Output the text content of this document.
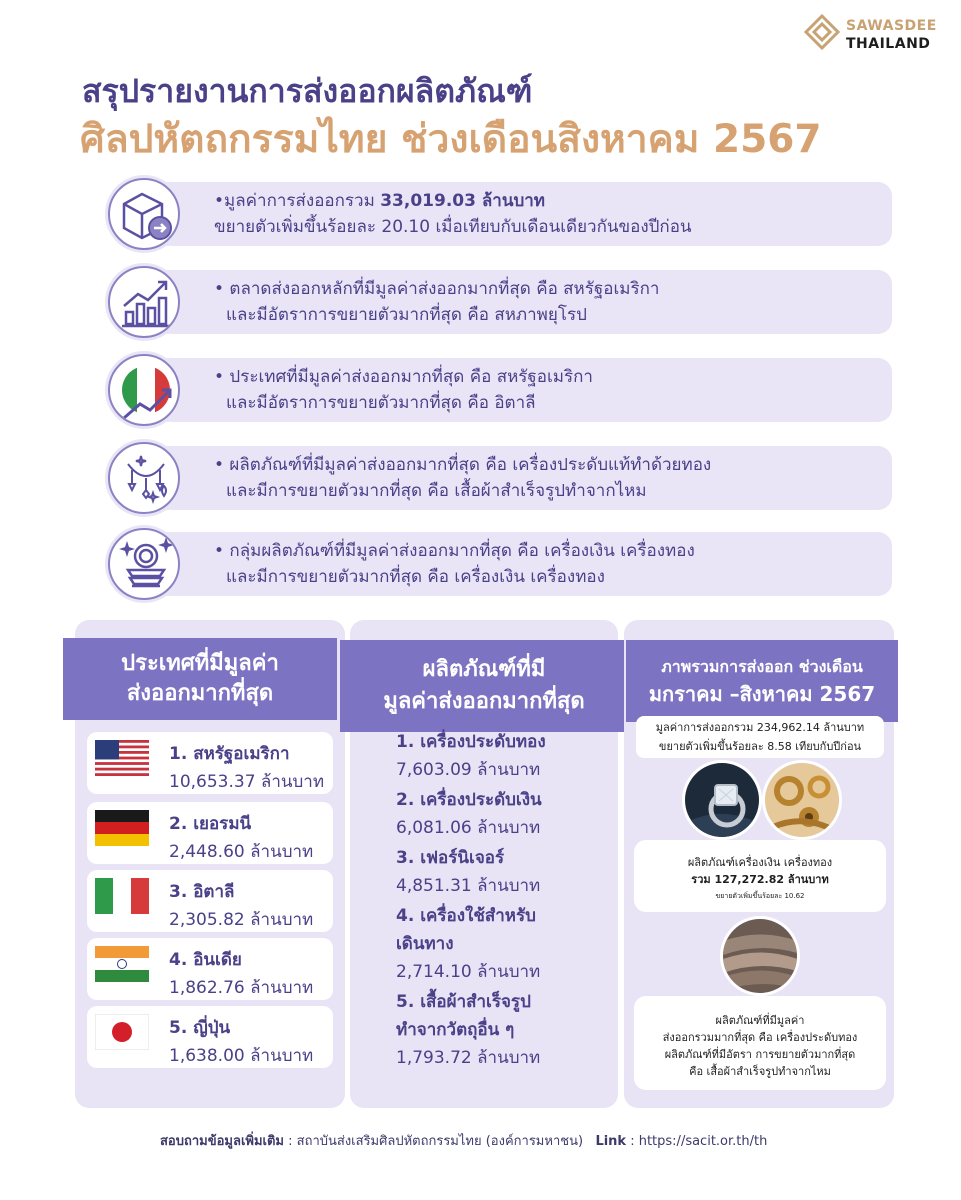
SAWASDEE
THAILAND
สรุปรายงานการส่งออกผลิตภัณฑ์
ศิลปหัตถกรรมไทย ช่วงเดือนสิงหาคม 2567
•มูลค่าการส่งออกรวม 33,019.03 ล้านบาท
ขยายตัวเพิ่มขึ้นร้อยละ 20.10 เมื่อเทียบกับเดือนเดียวกันของปีก่อน
• ตลาดส่งออกหลักที่มีมูลค่าส่งออกมากที่สุด คือ สหรัฐอเมริกา
และมีอัตราการขยายตัวมากที่สุด คือ สหภาพยุโรป
• ประเทศที่มีมูลค่าส่งออกมากที่สุด คือ สหรัฐอเมริกา
และมีอัตราการขยายตัวมากที่สุด คือ อิตาลี
• ผลิตภัณฑ์ที่มีมูลค่าส่งออกมากที่สุด คือ เครื่องประดับแท้ทำด้วยทอง
และมีการขยายตัวมากที่สุด คือ เสื้อผ้าสำเร็จรูปทำจากไหม
• กลุ่มผลิตภัณฑ์ที่มีมูลค่าส่งออกมากที่สุด คือ เครื่องเงิน เครื่องทอง
และมีการขยายตัวมากที่สุด คือ เครื่องเงิน เครื่องทอง
ประเทศที่มีมูลค่า
ส่งออกมากที่สุด
1. สหรัฐอเมริกา
10,653.37 ล้านบาท
2. เยอรมนี
2,448.60 ล้านบาท
3. อิตาลี
2,305.82 ล้านบาท
4. อินเดีย
1,862.76 ล้านบาท
5. ญี่ปุ่น
1,638.00 ล้านบาท
ผลิตภัณฑ์ที่มี
มูลค่าส่งออกมากที่สุด
1. เครื่องประดับทอง
7,603.09 ล้านบาท
2. เครื่องประดับเงิน
6,081.06 ล้านบาท
3. เฟอร์นิเจอร์
4,851.31 ล้านบาท
4. เครื่องใช้สำหรับ
เดินทาง
2,714.10 ล้านบาท
5. เสื้อผ้าสำเร็จรูป
ทำจากวัตถุอื่น ๆ
1,793.72 ล้านบาท
ภาพรวมการส่งออก ช่วงเดือน
มกราคม –สิงหาคม 2567
มูลค่าการส่งออกรวม 234,962.14 ล้านบาท
ขยายตัวเพิ่มขึ้นร้อยละ 8.58 เทียบกับปีก่อน
ผลิตภัณฑ์เครื่องเงิน เครื่องทอง
รวม 127,272.82 ล้านบาท
ขยายตัวเพิ่มขึ้นร้อยละ 10.62
ผลิตภัณฑ์ที่มีมูลค่า
ส่งออกรวมมากที่สุด คือ เครื่องประดับทอง
ผลิตภัณฑ์ที่มีอัตรา การขยายตัวมากที่สุด
คือ เสื้อผ้าสำเร็จรูปทำจากไหม
สอบถามข้อมูลเพิ่มเติม : สถาบันส่งเสริมศิลปหัตถกรรมไทย (องค์การมหาชน) Link : https://sacit.or.th/th
